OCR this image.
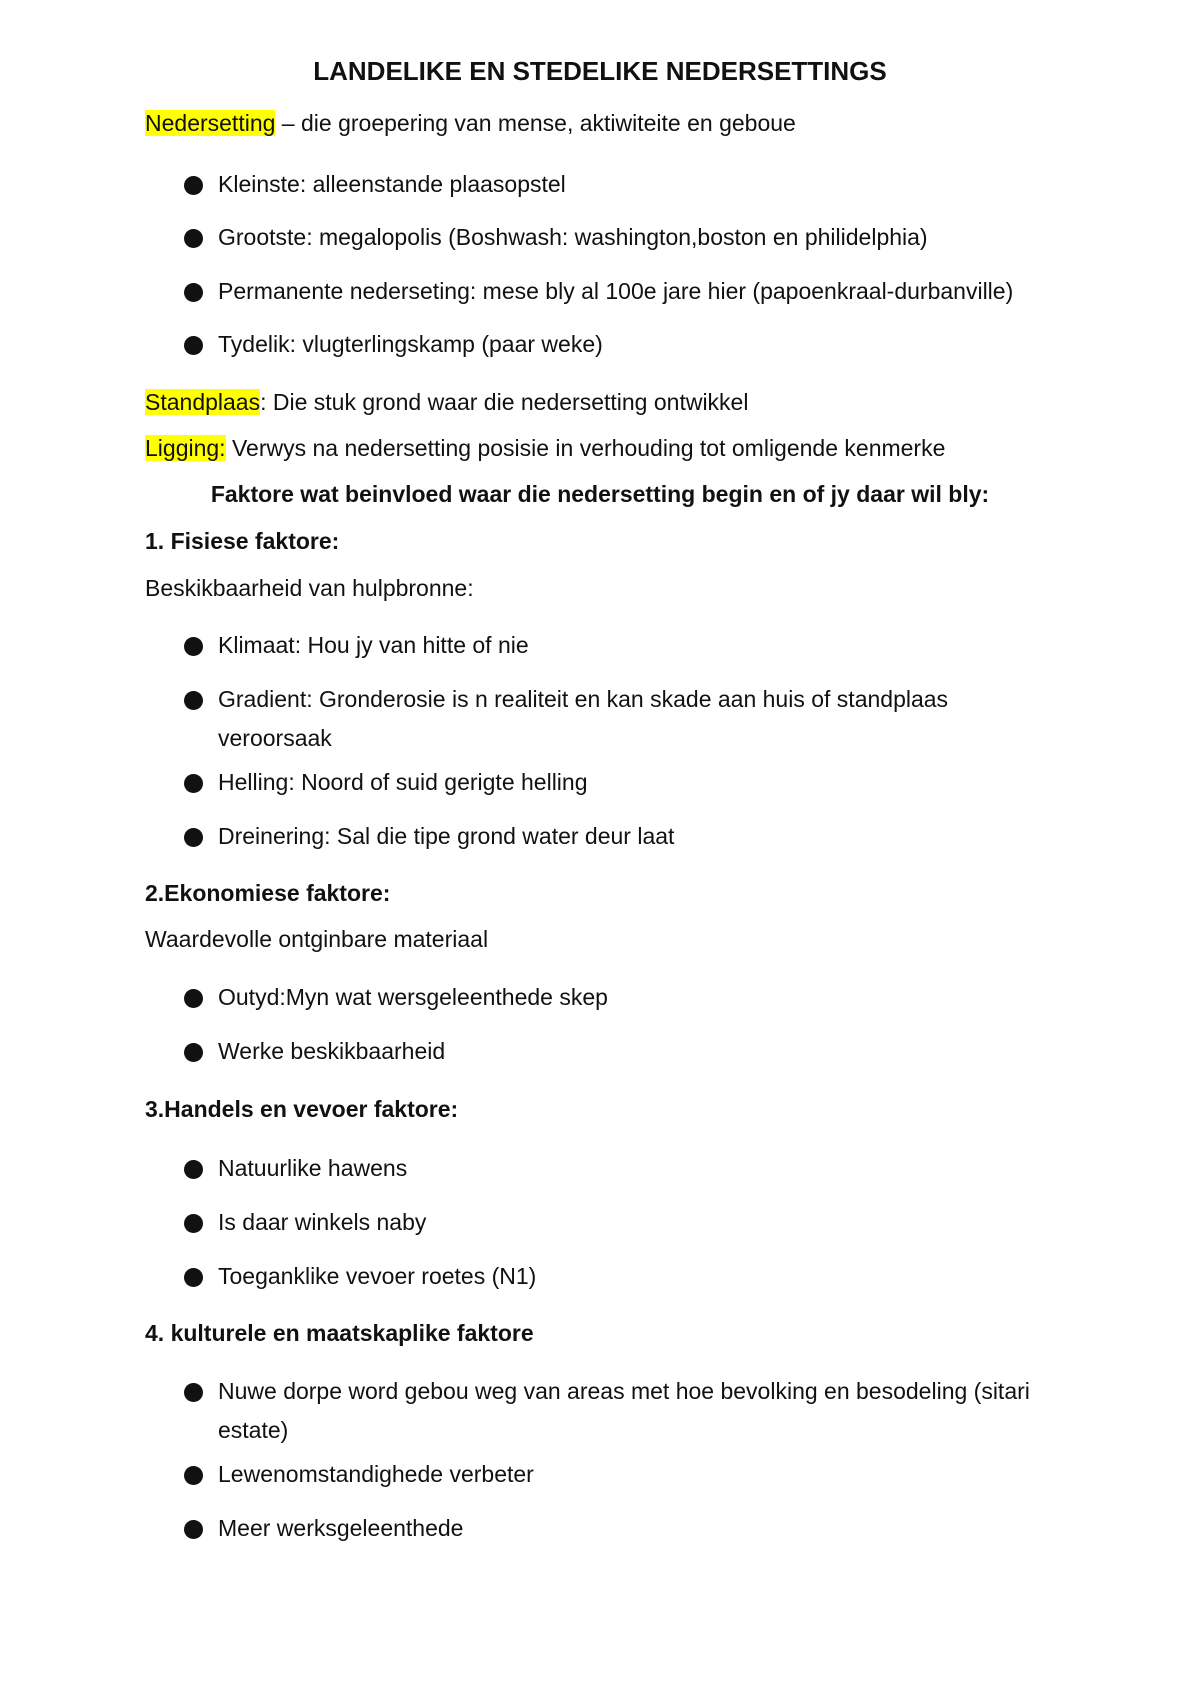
LANDELIKE EN STEDELIKE NEDERSETTINGS
Nedersetting – die groepering van mense, aktiwiteite en geboue
Kleinste: alleenstande plaasopstel
Grootste: megalopolis (Boshwash: washington,boston en philidelphia)
Permanente nederseting: mese bly al 100e jare hier (papoenkraal-durbanville)
Tydelik: vlugterlingskamp (paar weke)
Standplaas: Die stuk grond waar die nedersetting ontwikkel
Ligging: Verwys na nedersetting posisie in verhouding tot omligende kenmerke
Faktore wat beinvloed waar die nedersetting begin en of jy daar wil bly:
1. Fisiese faktore:
Beskikbaarheid van hulpbronne:
Klimaat: Hou jy van hitte of nie
Gradient: Gronderosie is n realiteit en kan skade aan huis of standplaas veroorsaak
Helling: Noord of suid gerigte helling
Dreinering: Sal die tipe grond water deur laat
2.Ekonomiese faktore:
Waardevolle ontginbare materiaal
Outyd:Myn wat wersgeleenthede skep
Werke beskikbaarheid
3.Handels en vevoer faktore:
Natuurlike hawens
Is daar winkels naby
Toeganklike vevoer roetes (N1)
4. kulturele en maatskaplike faktore
Nuwe dorpe word gebou weg van areas met hoe bevolking en besodeling (sitari estate)
Lewenomstandighede verbeter
Meer werksgeleenthede
